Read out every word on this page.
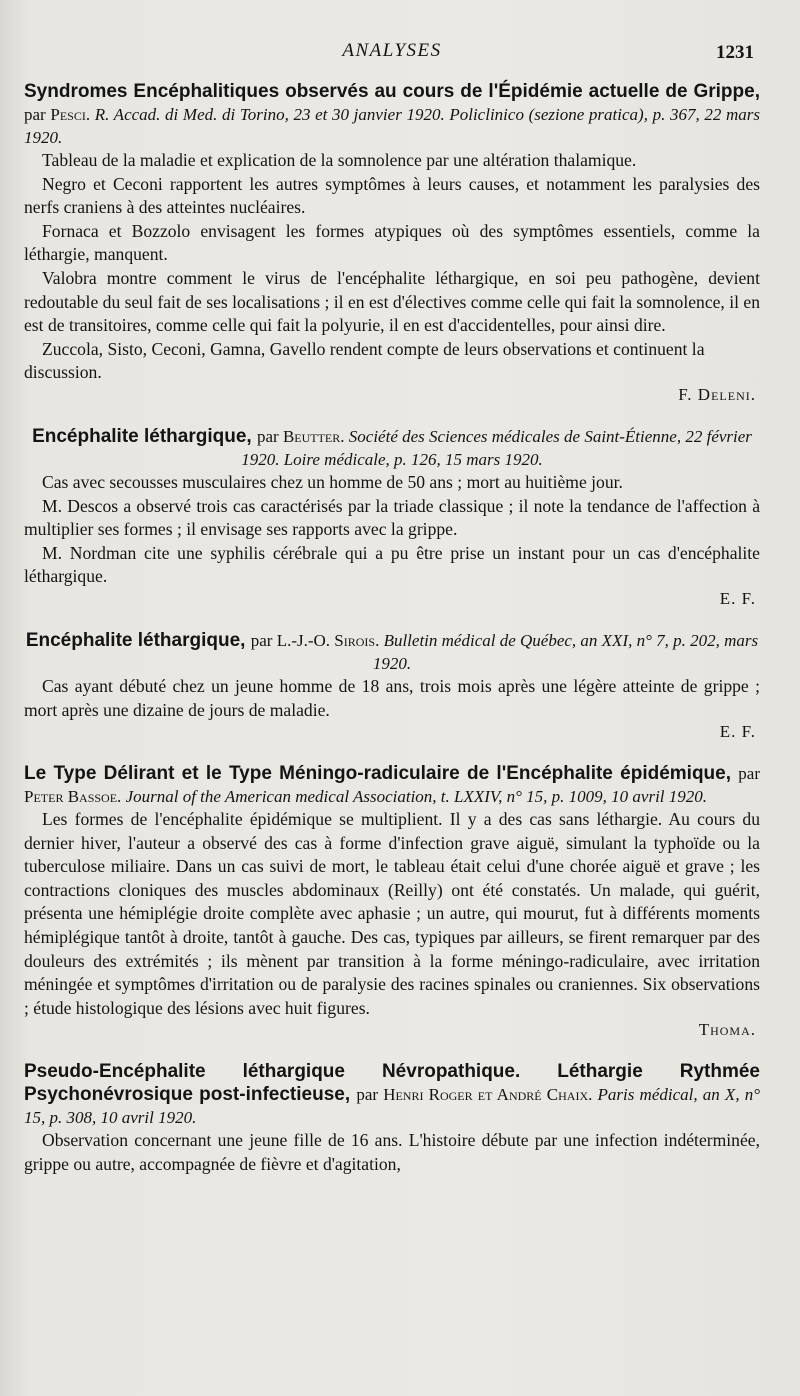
ANALYSES	1231
Syndromes Encéphalitiques observés au cours de l'Épidémie actuelle de Grippe, par Pesci. R. Accad. di Med. di Torino, 23 et 30 janvier 1920. Policlinico (sezione pratica), p. 367, 22 mars 1920.

Tableau de la maladie et explication de la somnolence par une altération thalamique.

Negro et Ceconi rapportent les autres symptômes à leurs causes, et notamment les paralysies des nerfs craniens à des atteintes nucléaires.

Fornaca et Bozzolo envisagent les formes atypiques où des symptômes essentiels, comme la léthargie, manquent.

Valobra montre comment le virus de l'encéphalite léthargique, en soi peu pathogène, devient redoutable du seul fait de ses localisations ; il en est d'électives comme celle qui fait la somnolence, il en est de transitoires, comme celle qui fait la polyurie, il en est d'accidentelles, pour ainsi dire.

Zuccola, Sisto, Ceconi, Gamna, Gavello rendent compte de leurs observations et continuent la discussion.
F. Deleni.
Encéphalite léthargique, par Beutter. Société des Sciences médicales de Saint-Étienne, 22 février 1920. Loire médicale, p. 126, 15 mars 1920.

Cas avec secousses musculaires chez un homme de 50 ans ; mort au huitième jour.

M. Descos a observé trois cas caractérisés par la triade classique ; il note la tendance de l'affection à multiplier ses formes ; il envisage ses rapports avec la grippe.

M. Nordman cite une syphilis cérébrale qui a pu être prise un instant pour un cas d'encéphalite léthargique.

E. F.
Encéphalite léthargique, par L.-J.-O. Sirois. Bulletin médical de Québec, an XXI, n° 7, p. 202, mars 1920.

Cas ayant débuté chez un jeune homme de 18 ans, trois mois après une légère atteinte de grippe ; mort après une dizaine de jours de maladie.

E. F.
Le Type Délirant et le Type Méningo-radiculaire de l'Encéphalite épidémique, par Peter Bassoe. Journal of the American medical Association, t. LXXIV, n° 15, p. 1009, 10 avril 1920.

Les formes de l'encéphalite épidémique se multiplient. Il y a des cas sans léthargie. Au cours du dernier hiver, l'auteur a observé des cas à forme d'infection grave aiguë, simulant la typhoïde ou la tuberculose miliaire. Dans un cas suivi de mort, le tableau était celui d'une chorée aiguë et grave ; les contractions cloniques des muscles abdominaux (Reilly) ont été constatés. Un malade, qui guérit, présenta une hémiplégie droite complète avec aphasie ; un autre, qui mourut, fut à différents moments hémiplégique tantôt à droite, tantôt à gauche. Des cas, typiques par ailleurs, se firent remarquer par des douleurs des extrémités ; ils mènent par transition à la forme méningo-radiculaire, avec irritation méningée et symptômes d'irritation ou de paralysie des racines spinales ou craniennes. Six observations ; étude histologique des lésions avec huit figures.

Thoma.
Pseudo-Encéphalite léthargique Névropathique. Léthargie Rythmée Psychonévrosique post-infectieuse, par Henri Roger et André Chaix. Paris médical, an X, n° 15, p. 308, 10 avril 1920.

Observation concernant une jeune fille de 16 ans. L'histoire débute par une infection indéterminée, grippe ou autre, accompagnée de fièvre et d'agitation,
